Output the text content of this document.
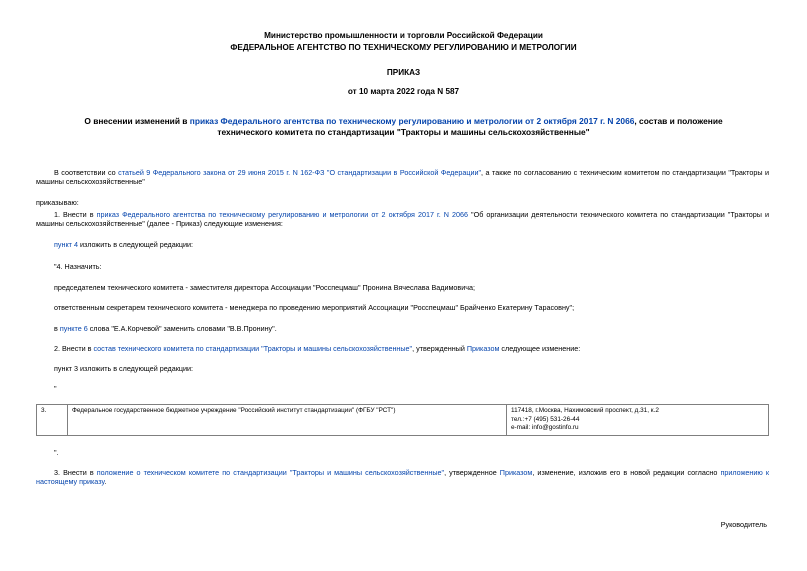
Министерство промышленности и торговли Российской Федерации
ФЕДЕРАЛЬНОЕ АГЕНТСТВО ПО ТЕХНИЧЕСКОМУ РЕГУЛИРОВАНИЮ И МЕТРОЛОГИИ
ПРИКАЗ
от 10 марта 2022 года N 587
О внесении изменений в приказ Федерального агентства по техническому регулированию и метрологии от 2 октября 2017 г. N 2066, состав и положение технического комитета по стандартизации "Тракторы и машины сельскохозяйственные"
В соответствии со статьей 9 Федерального закона от 29 июня 2015 г. N 162-ФЗ "О стандартизации в Российской Федерации", а также по согласованию с техническим комитетом по стандартизации "Тракторы и машины сельскохозяйственные"
приказываю:
1. Внести в приказ Федерального агентства по техническому регулированию и метрологии от 2 октября 2017 г. N 2066 "Об организации деятельности технического комитета по стандартизации "Тракторы и машины сельскохозяйственные" (далее - Приказ) следующие изменения:
пункт 4 изложить в следующей редакции:
"4. Назначить:
председателем технического комитета - заместителя директора Ассоциации "Росспецмаш" Пронина Вячеслава Вадимовича;
ответственным секретарем технического комитета - менеджера по проведению мероприятий Ассоциации "Росспецмаш" Брайченко Екатерину Тарасовну";
в пункте 6 слова "Е.А.Корчевой" заменить словами "В.В.Пронину".
2. Внести в состав технического комитета по стандартизации "Тракторы и машины сельскохозяйственные", утвержденный Приказом следующее изменение:
пункт 3 изложить в следующей редакции:
"
3.	Федеральное государственное бюджетное учреждение "Российский институт стандартизации" (ФГБУ "РСТ")	117418, г.Москва, Нахимовский проспект, д.31, к.2
тел.:+7 (495) 531-26-44
e-mail: info@gostinfo.ru
".
3. Внести в положение о техническом комитете по стандартизации "Тракторы и машины сельскохозяйственные", утвержденное Приказом, изменение, изложив его в новой редакции согласно приложению к настоящему приказу.
Руководитель
